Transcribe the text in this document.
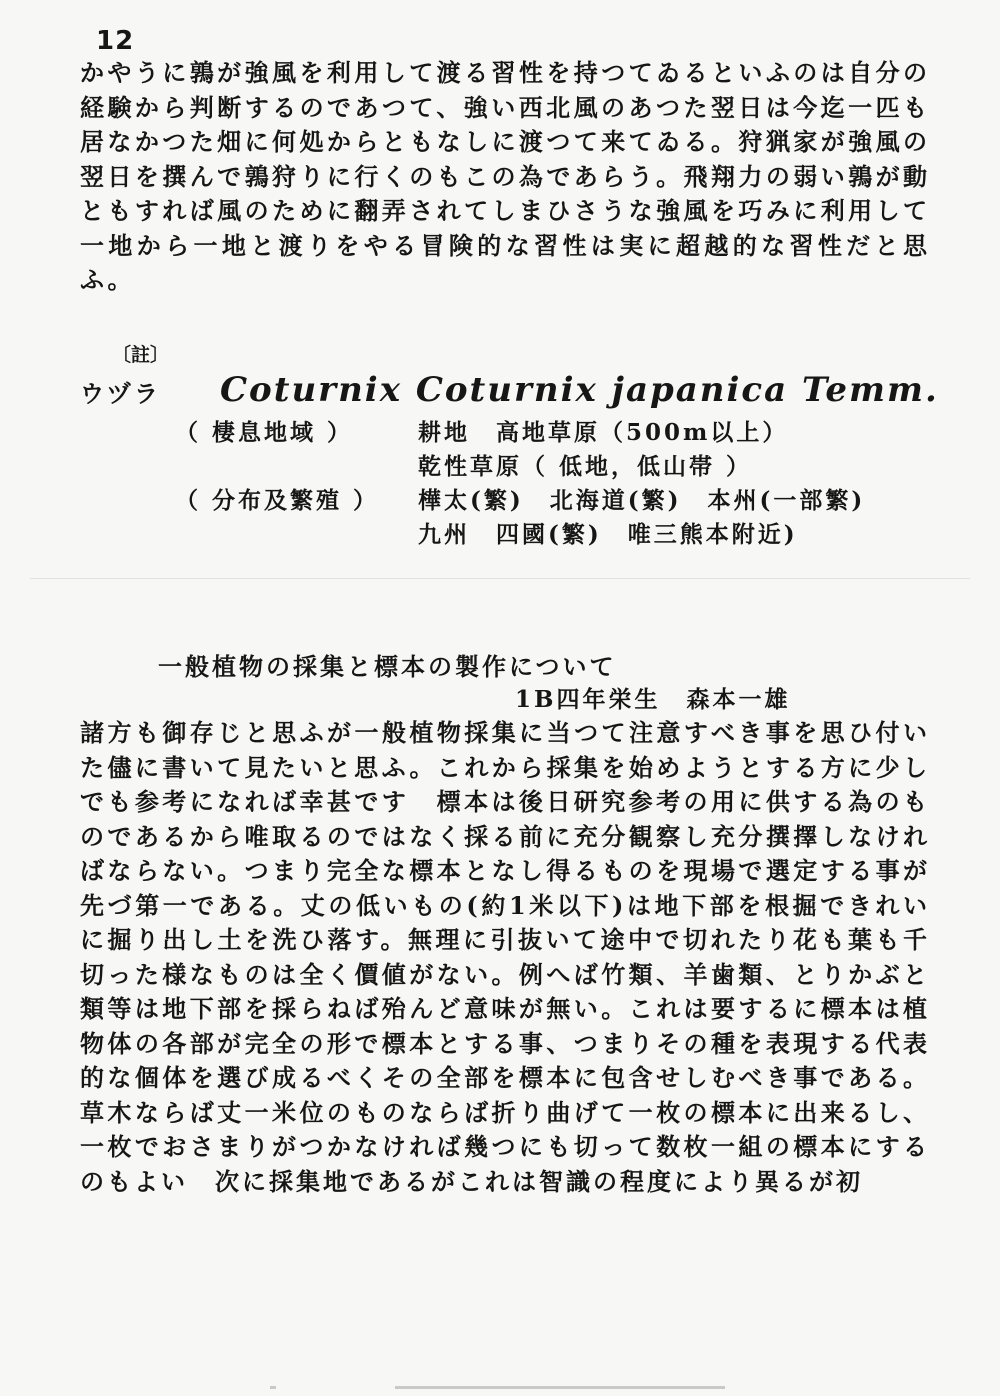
12

かやうに鶉が強風を利用して渡る習性を持つてゐるといふのは自分の経験から判断するのであつて、強い西北風のあつた翌日は今迄一匹も居なかつた畑に何処からともなしに渡つて来てゐる。狩猟家が強風の翌日を撰んで鶉狩りに行くのもこの為であらう。飛翔力の弱い鶉が動ともすれば風のために翻弄されてしまひさうな強風を巧みに利用して一地から一地と渡りをやる冒険的な習性は実に超越的な習性だと思ふ。

〔註〕
ウヅラ Coturnix Coturnix japanica Temm.
（ 棲息地域 ）	耕地　高地草原（500m以上）
乾性草原（ 低地，低山帯 ）
（ 分布及繁殖 ） 樺太(繁)　北海道(繁)　本州(一部繁)
九州　四國(繁)　唯三熊本附近)
一般植物の採集と標本の製作について
1B四年栄生　森本一雄

諸方も御存じと思ふが一般植物採集に当つて注意すべき事を思ひ付いた儘に書いて見たいと思ふ。これから採集を始めようとする方に少しでも参考になれば幸甚です　標本は後日研究参考の用に供する為のものであるから唯取るのではなく採る前に充分観察し充分撰擇しなければならない。つまり完全な標本となし得るものを現場で選定する事が先づ第一である。丈の低いもの(約1米以下)は地下部を根掘できれいに掘り出し土を洗ひ落す。無理に引抜いて途中で切れたり花も葉も千切った様なものは全く價値がない。例へば竹類、羊歯類、とりかぶと類等は地下部を採らねば殆んど意味が無い。これは要するに標本は植物体の各部が完全の形で標本とする事、つまりその種を表現する代表的な個体を選び成るべくその全部を標本に包含せしむべき事である。草木ならば丈一米位のものならば折り曲げて一枚の標本に出来るし、一枚でおさまりがつかなければ幾つにも切って数枚一組の標本にするのもよい　次に採集地であるがこれは智識の程度により異るが初
